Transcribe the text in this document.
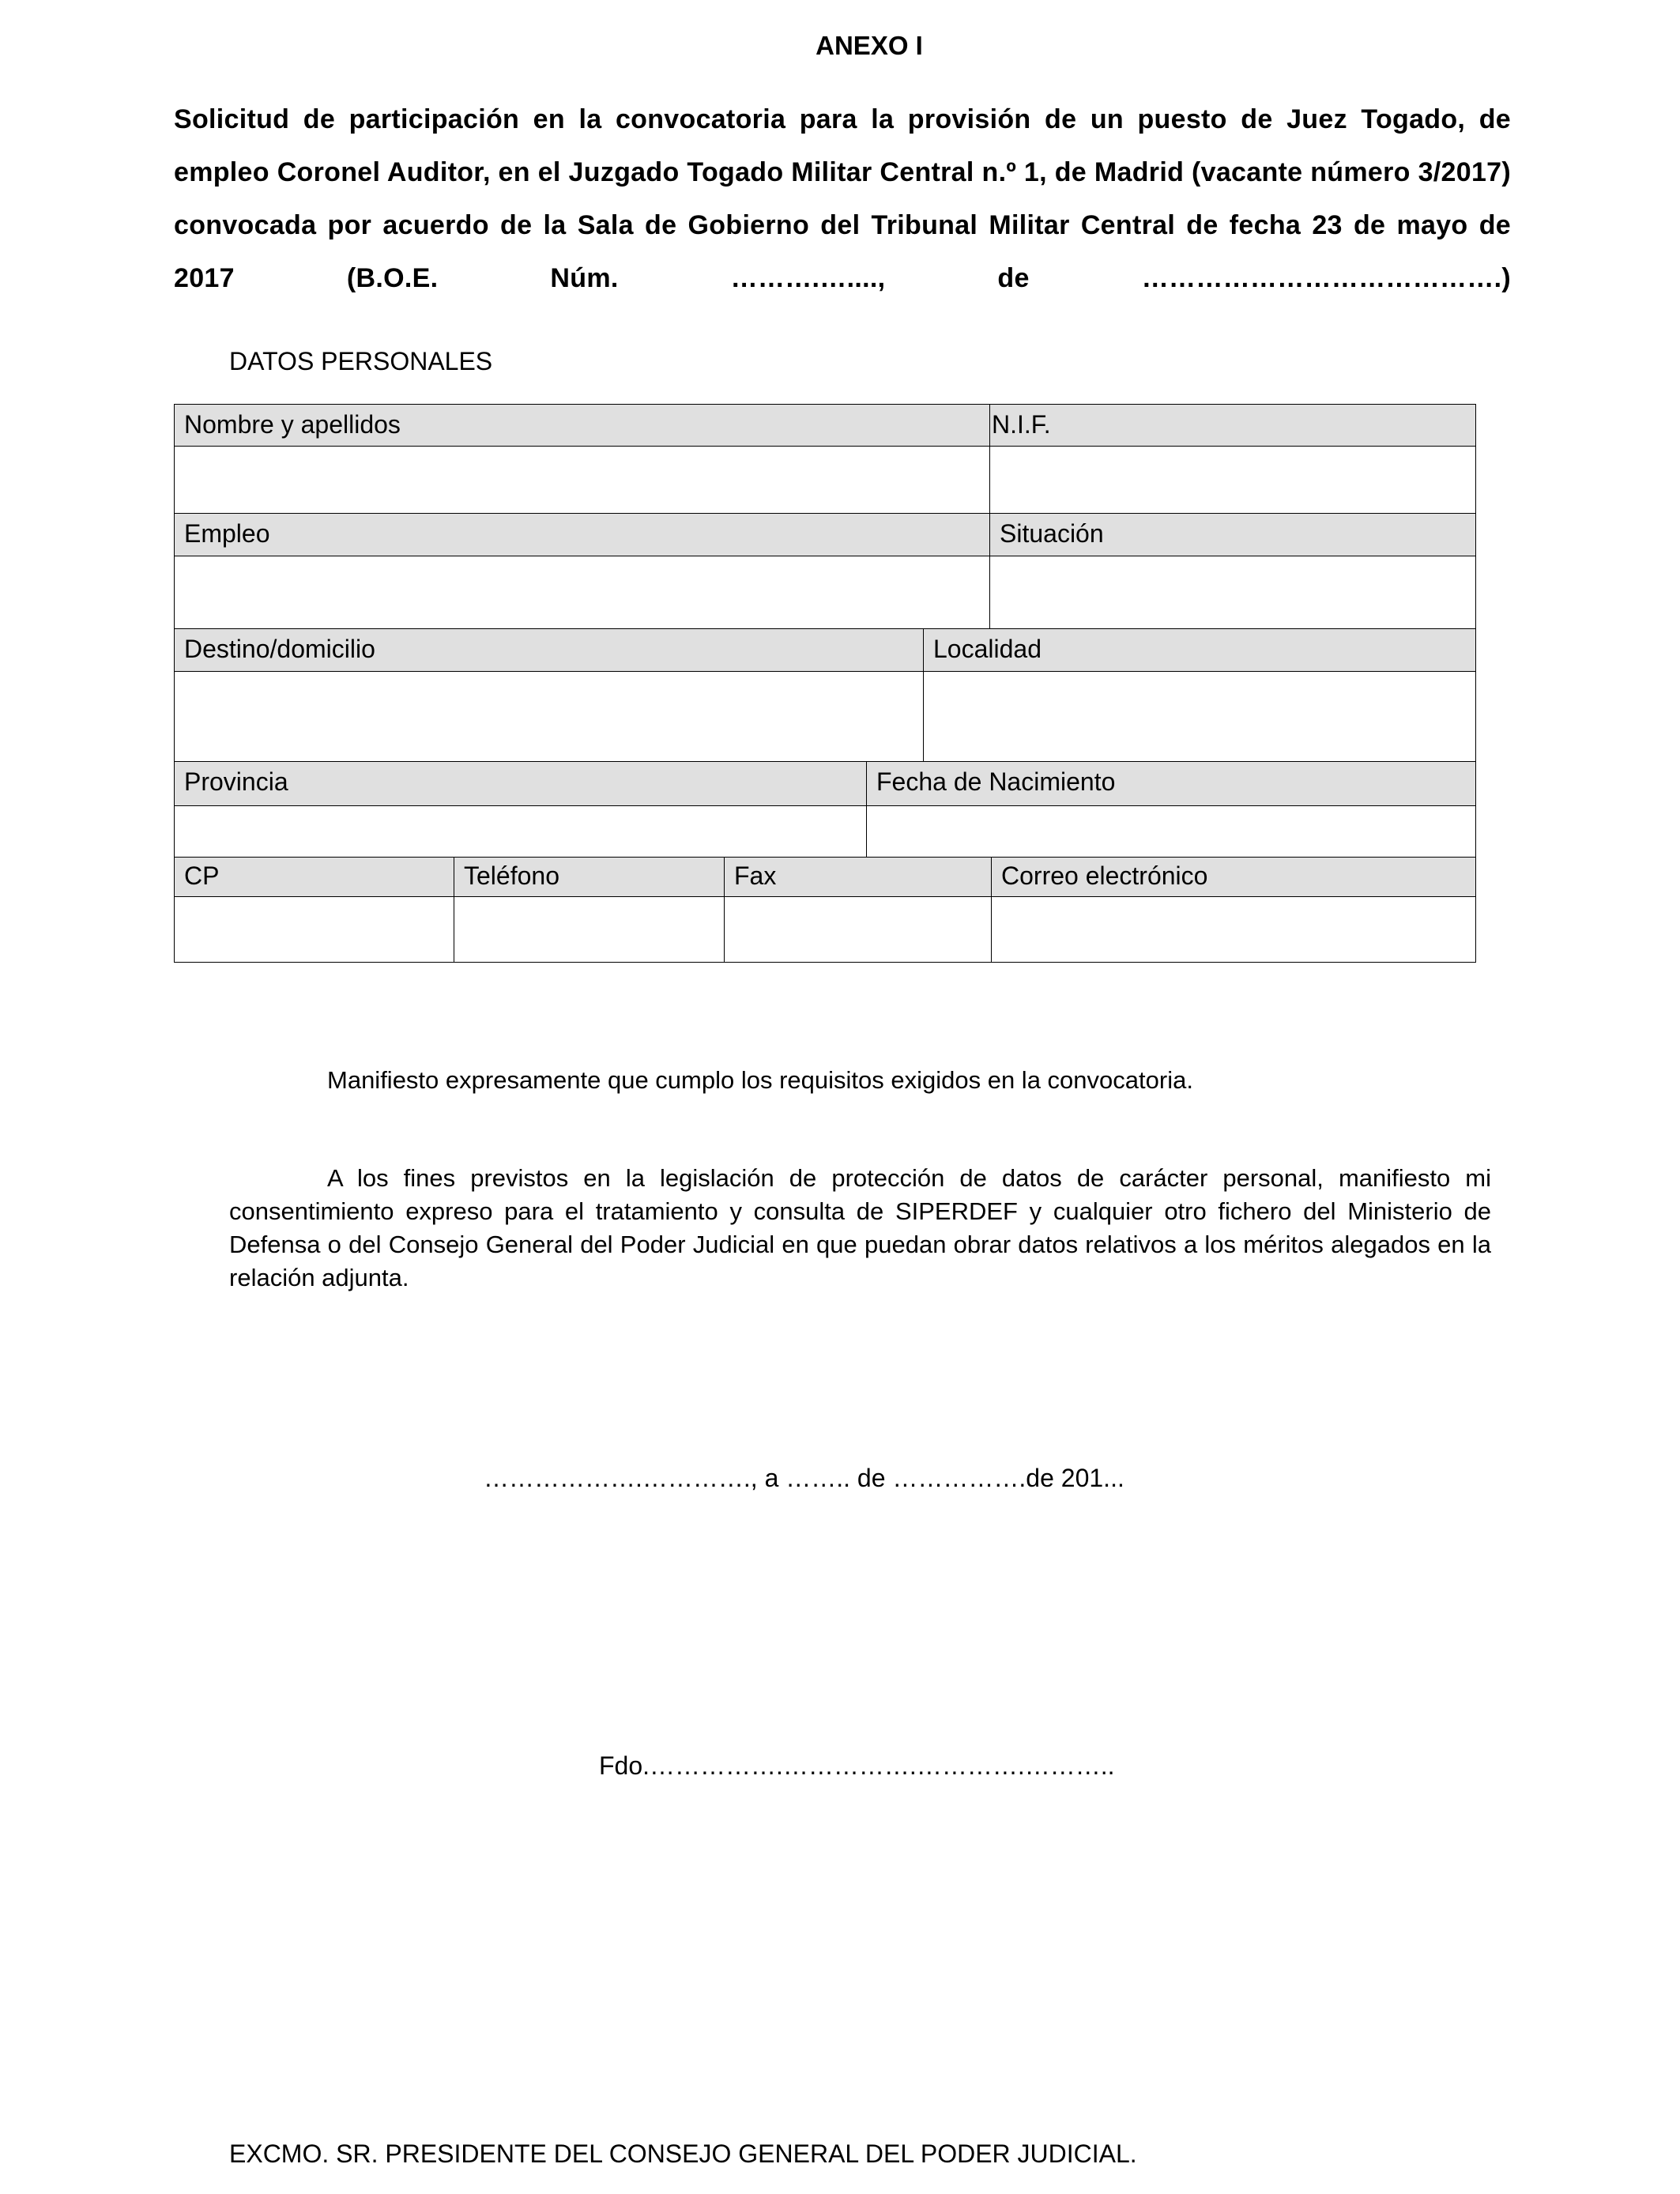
ANEXO I
Solicitud de participación en la convocatoria para la provisión de un puesto de Juez Togado, de empleo Coronel Auditor, en el Juzgado Togado Militar Central n.º 1, de Madrid (vacante número 3/2017) convocada por acuerdo de la Sala de Gobierno del Tribunal Militar Central de fecha 23 de mayo de 2017 (B.O.E. Núm. ……….…...., de ………………………………….)
DATOS PERSONALES
Nombre y apellidos	N.I.F.
Empleo	Situación
Destino/domicilio	Localidad
Provincia	Fecha de Nacimiento
CP	Teléfono	Fax	Correo electrónico
Manifiesto expresamente que cumplo los requisitos exigidos en la convocatoria.
A los fines previstos en la legislación de protección de datos de carácter personal, manifiesto mi consentimiento expreso para el tratamiento y consulta de SIPERDEF y cualquier otro fichero del Ministerio de Defensa o del Consejo General del Poder Judicial en que puedan obrar datos relativos a los méritos alegados en la relación adjunta.
……………….…………., a …….. de …………….de 201...
Fdo.…………….…………….………….………..
EXCMO. SR. PRESIDENTE DEL CONSEJO GENERAL DEL PODER JUDICIAL.
